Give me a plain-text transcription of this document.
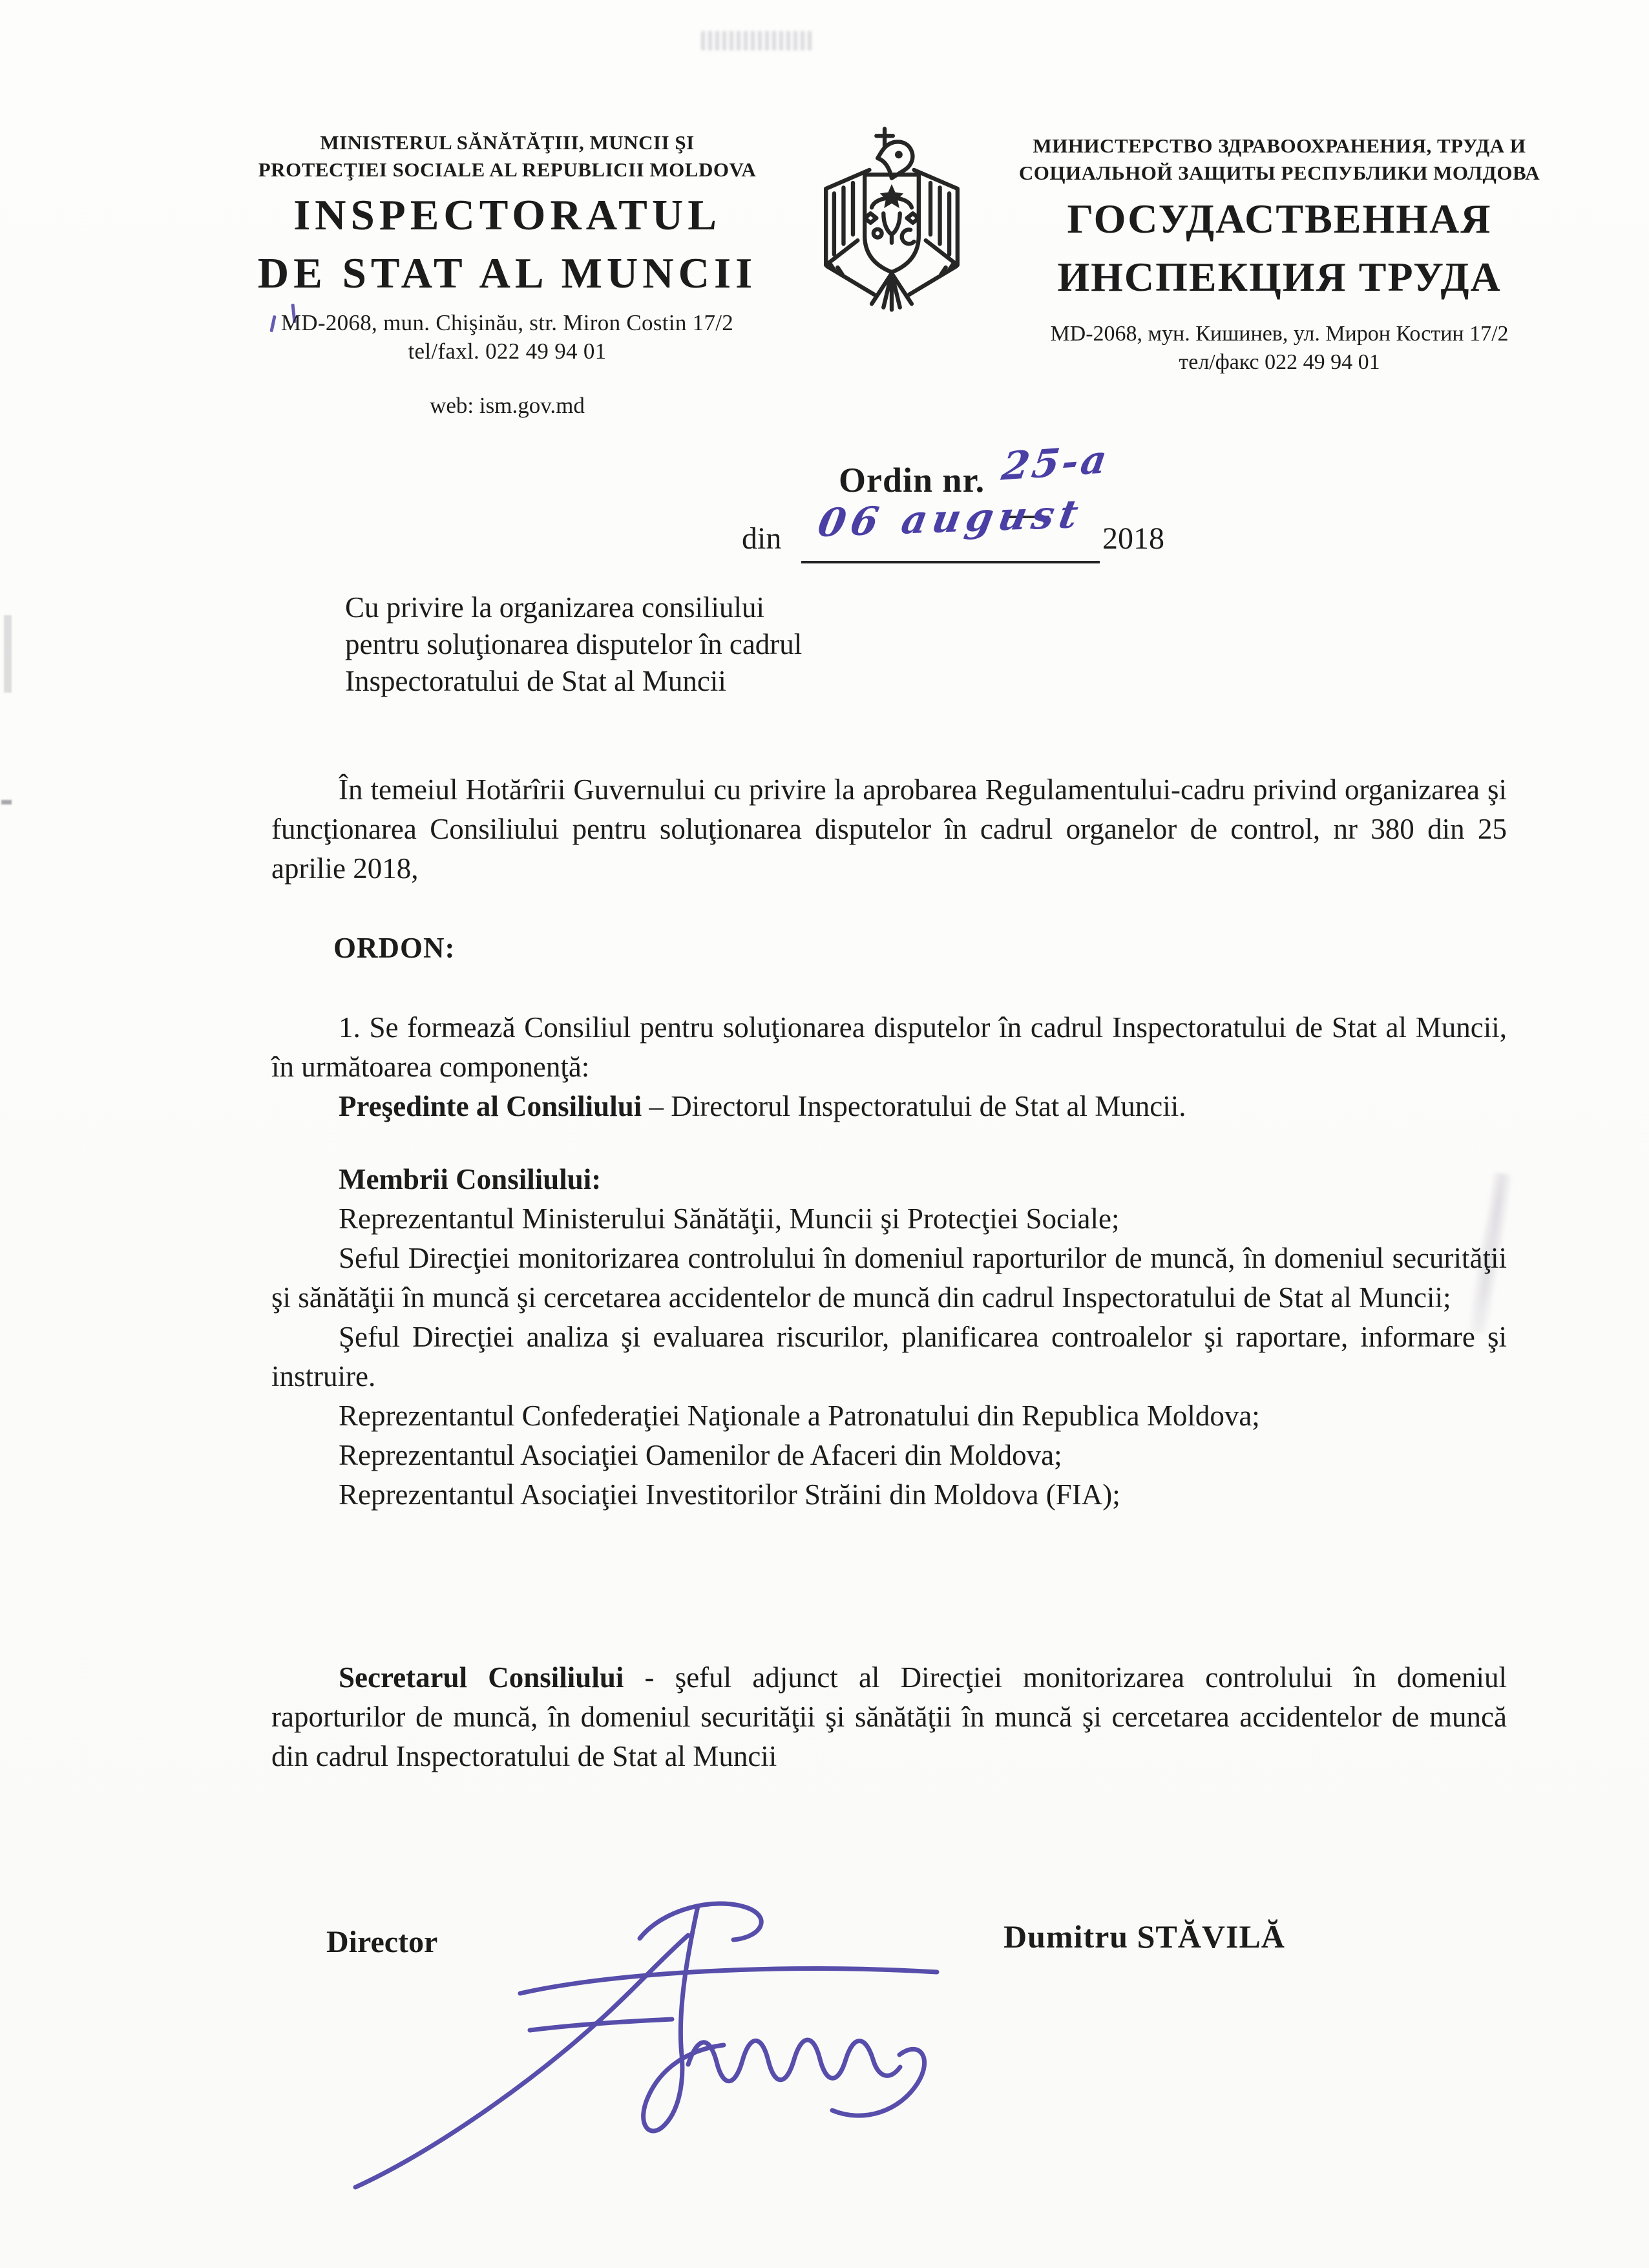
MINISTERUL SĂNĂTĂŢIII, MUNCII ŞI
PROTECŢIEI SOCIALE AL REPUBLICII MOLDOVA
INSPECTORATUL
DE STAT AL MUNCII
MD-2068, mun. Chişinău, str. Miron Costin 17/2
tel/faxl. 022 49 94 01
web: ism.gov.md
МИНИСТЕРСТВО ЗДРАВООХРАНЕНИЯ, ТРУДА И
СОЦИАЛЬНОЙ ЗАЩИТЫ РЕСПУБЛИКИ МОЛДОВА
ГОСУДАСТВЕННАЯ
ИНСПЕКЦИЯ ТРУДА
MD-2068, мун. Кишинев, ул. Мирон Костин 17/2
тел/факс 022 49 94 01
Ordin nr. 25-a
din 06 august 2018
Cu privire la organizarea consiliului
pentru soluţionarea disputelor în cadrul
Inspectoratului de Stat al Muncii

În temeiul Hotărîrii Guvernului cu privire la aprobarea Regulamentului-cadru privind organizarea şi funcţionarea Consiliului pentru soluţionarea disputelor în cadrul organelor de control, nr 380 din 25 aprilie 2018,

ORDON:

1. Se formează Consiliul pentru soluţionarea disputelor în cadrul Inspectoratului de Stat al Muncii, în următoarea componenţă:

Preşedinte al Consiliului – Directorul Inspectoratului de Stat al Muncii.

Membrii Consiliului:

Reprezentantul Ministerului Sănătăţii, Muncii şi Protecţiei Sociale;

Seful Direcţiei monitorizarea controlului în domeniul raporturilor de muncă, în domeniul securităţii şi sănătăţii în muncă şi cercetarea accidentelor de muncă din cadrul Inspectoratului de Stat al Muncii;

Şeful Direcţiei analiza şi evaluarea riscurilor, planificarea controalelor şi raportare, informare şi instruire.

Reprezentantul Confederaţiei Naţionale a Patronatului din Republica Moldova;

Reprezentantul Asociaţiei Oamenilor de Afaceri din Moldova;

Reprezentantul Asociaţiei Investitorilor Străini din Moldova (FIA);

Secretarul Consiliului - şeful adjunct al Direcţiei monitorizarea controlului în domeniul raporturilor de muncă, în domeniul securităţii şi sănătăţii în muncă şi cercetarea accidentelor de muncă din cadrul Inspectoratului de Stat al Muncii

Director	Dumitru STĂVILĂ
